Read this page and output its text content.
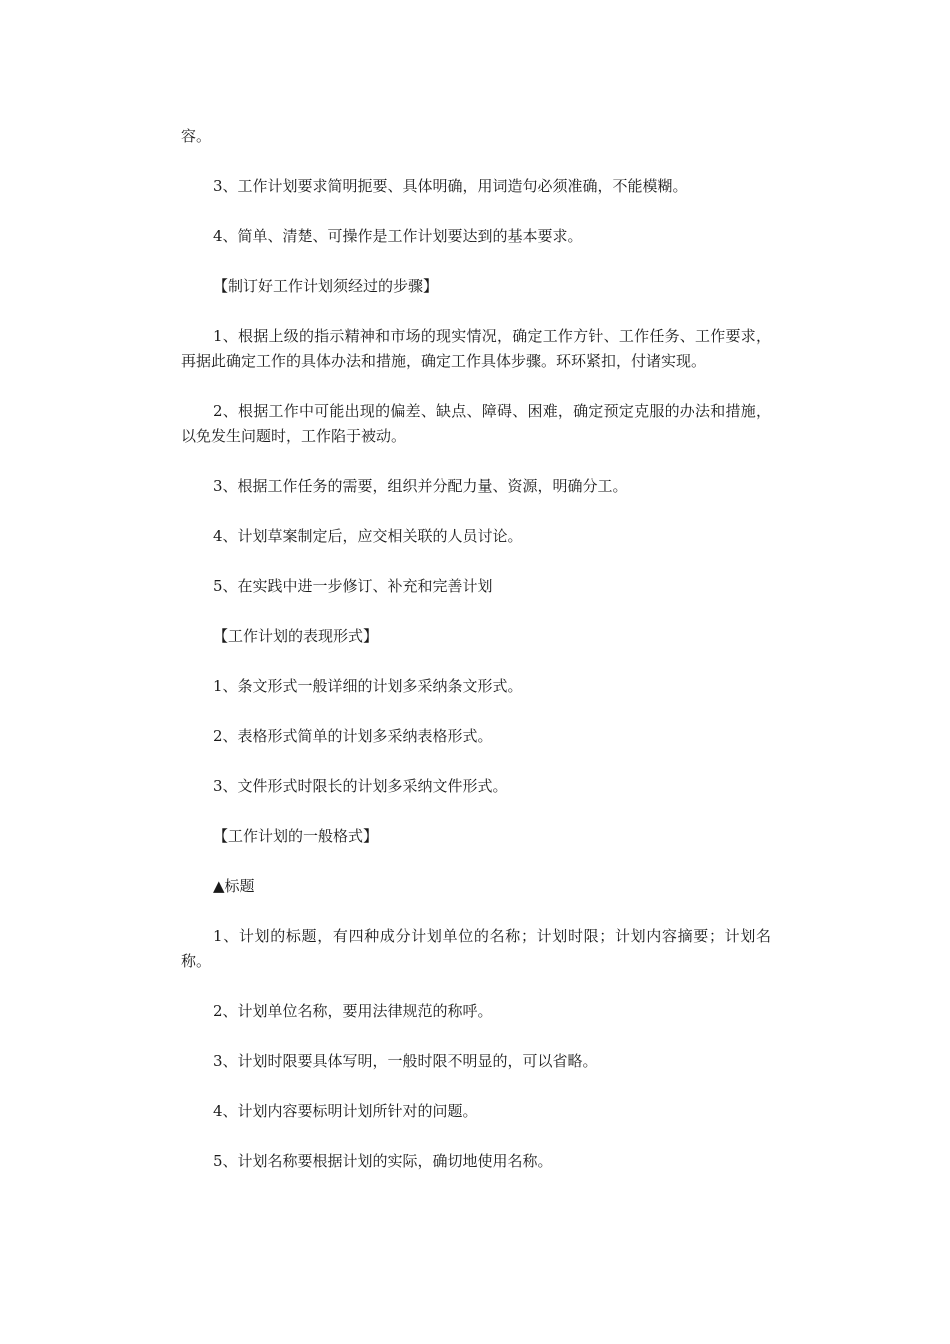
容。

3、工作计划要求简明扼要、具体明确，用词造句必须准确，不能模糊。

4、简单、清楚、可操作是工作计划要达到的基本要求。

【制订好工作计划须经过的步骤】

1、根据上级的指示精神和市场的现实情况，确定工作方针、工作任务、工作要求，再据此确定工作的具体办法和措施，确定工作具体步骤。环环紧扣，付诸实现。

2、根据工作中可能出现的偏差、缺点、障碍、困难，确定预定克服的办法和措施，以免发生问题时，工作陷于被动。

3、根据工作任务的需要，组织并分配力量、资源，明确分工。

4、计划草案制定后，应交相关联的人员讨论。

5、在实践中进一步修订、补充和完善计划

【工作计划的表现形式】

1、条文形式一般详细的计划多采纳条文形式。

2、表格形式简单的计划多采纳表格形式。

3、文件形式时限长的计划多采纳文件形式。

【工作计划的一般格式】

▲标题

1、计划的标题，有四种成分计划单位的名称；计划时限；计划内容摘要；计划名称。

2、计划单位名称，要用法律规范的称呼。

3、计划时限要具体写明，一般时限不明显的，可以省略。

4、计划内容要标明计划所针对的问题。

5、计划名称要根据计划的实际，确切地使用名称。
